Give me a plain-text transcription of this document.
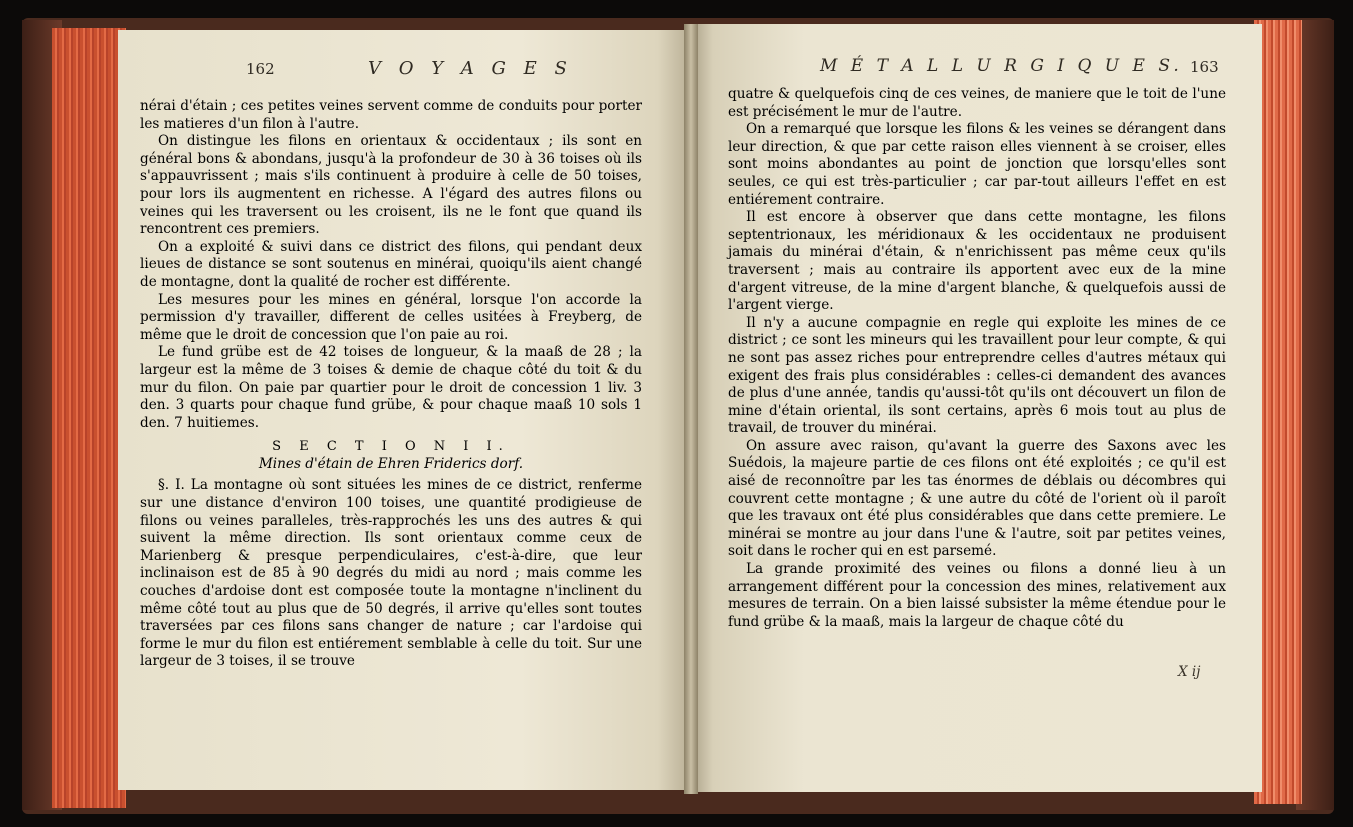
162	V O Y A G E S

nérai d'étain ; ces petites veines servent comme de conduits pour porter les matieres d'un filon à l'autre.

On distingue les filons en orientaux & occidentaux ; ils sont en général bons & abondans, jusqu'à la profondeur de 30 à 36 toises où ils s'appauvrissent ; mais s'ils continuent à produire à celle de 50 toises, pour lors ils augmentent en richesse. A l'égard des autres filons ou veines qui les traversent ou les croisent, ils ne le font que quand ils rencontrent ces premiers.

On a exploité & suivi dans ce district des filons, qui pendant deux lieues de distance se sont soutenus en minérai, quoiqu'ils aient changé de montagne, dont la qualité de rocher est différente.

Les mesures pour les mines en général, lorsque l'on accorde la permission d'y travailler, different de celles usitées à Freyberg, de même que le droit de concession que l'on paie au roi.

Le fund grübe est de 42 toises de longueur, & la maaß de 28 ; la largeur est la même de 3 toises & demie de chaque côté du toit & du mur du filon. On paie par quartier pour le droit de concession 1 liv. 3 den. 3 quarts pour chaque fund grübe, & pour chaque maaß 10 sols 1 den. 7 huitiemes.

S E C T I O N I I.

Mines d'étain de Ehren Friderics dorf.

§. I. La montagne où sont situées les mines de ce district, renferme sur une distance d'environ 100 toises, une quantité prodigieuse de filons ou veines paralleles, très-rapprochés les uns des autres & qui suivent la même direction. Ils sont orientaux comme ceux de Marienberg & presque perpendiculaires, c'est-à-dire, que leur inclinaison est de 85 à 90 degrés du midi au nord ; mais comme les couches d'ardoise dont est composée toute la montagne n'inclinent du même côté tout au plus que de 50 degrés, il arrive qu'elles sont toutes traversées par ces filons sans changer de nature ; car l'ardoise qui forme le mur du filon est entiérement semblable à celle du toit. Sur une largeur de 3 toises, il se trouve

M É T A L L U R G I Q U E S. 163

quatre & quelquefois cinq de ces veines, de maniere que le toit de l'une est précisément le mur de l'autre.

On a remarqué que lorsque les filons & les veines se dérangent dans leur direction, & que par cette raison elles viennent à se croiser, elles sont moins abondantes au point de jonction que lorsqu'elles sont seules, ce qui est très-particulier ; car par-tout ailleurs l'effet en est entiérement contraire.

Il est encore à observer que dans cette montagne, les filons septentrionaux, les méridionaux & les occidentaux ne produisent jamais du minérai d'étain, & n'enrichissent pas même ceux qu'ils traversent ; mais au contraire ils apportent avec eux de la mine d'argent vitreuse, de la mine d'argent blanche, & quelquefois aussi de l'argent vierge.

Il n'y a aucune compagnie en regle qui exploite les mines de ce district ; ce sont les mineurs qui les travaillent pour leur compte, & qui ne sont pas assez riches pour entreprendre celles d'autres métaux qui exigent des frais plus considérables : celles-ci demandent des avances de plus d'une année, tandis qu'aussi-tôt qu'ils ont découvert un filon de mine d'étain oriental, ils sont certains, après 6 mois tout au plus de travail, de trouver du minérai.

On assure avec raison, qu'avant la guerre des Saxons avec les Suédois, la majeure partie de ces filons ont été exploités ; ce qu'il est aisé de reconnoître par les tas énormes de déblais ou décombres qui couvrent cette montagne ; & une autre du côté de l'orient où il paroît que les travaux ont été plus considérables que dans cette premiere. Le minérai se montre au jour dans l'une & l'autre, soit par petites veines, soit dans le rocher qui en est parsemé.

La grande proximité des veines ou filons a donné lieu à un arrangement différent pour la concession des mines, relativement aux mesures de terrain. On a bien laissé subsister la même étendue pour le fund grübe & la maaß, mais la largeur de chaque côté du

X ij
